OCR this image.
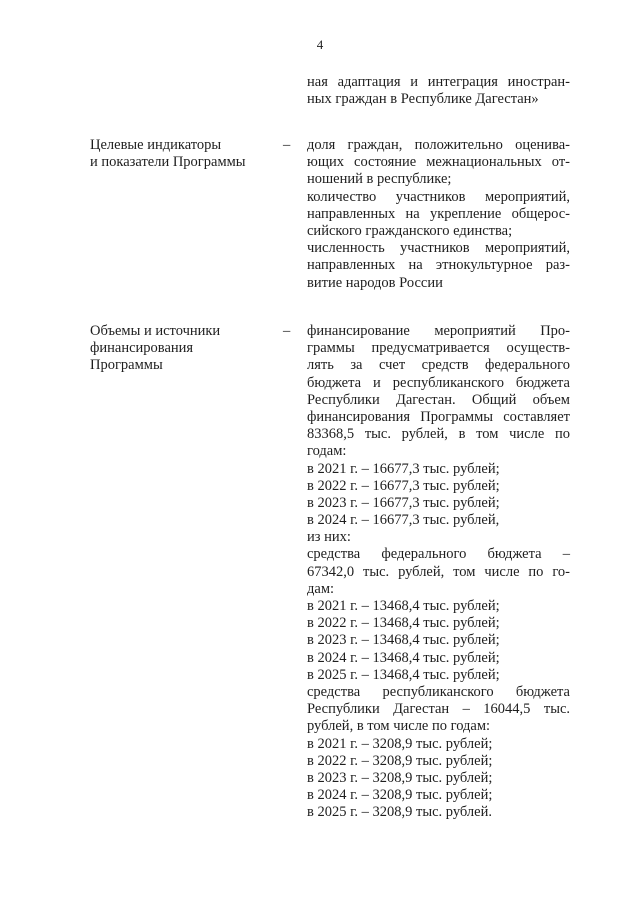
4
ная адаптация и интеграция иностран-
ных граждан в Республике Дагестан»
Целевые индикаторы
и показатели Программы
–	доля граждан, положительно оценива-
ющих состояние межнациональных от-
ношений в республике;
количество участников мероприятий,
направленных на укрепление общерос-
сийского гражданского единства;
численность участников мероприятий,
направленных на этнокультурное раз-
витие народов России
Объемы и источники
финансирования
Программы
–	финансирование мероприятий Про-
граммы предусматривается осуществ-
лять за счет средств федерального
бюджета и республиканского бюджета
Республики Дагестан. Общий объем
финансирования Программы составляет
83368,5 тыс. рублей, в том числе по
годам:
в 2021 г. – 16677,3 тыс. рублей;
в 2022 г. – 16677,3 тыс. рублей;
в 2023 г. – 16677,3 тыс. рублей;
в 2024 г. – 16677,3 тыс. рублей,
из них:
средства федерального бюджета –
67342,0 тыс. рублей, том числе по го-
дам:
в 2021 г. – 13468,4 тыс. рублей;
в 2022 г. – 13468,4 тыс. рублей;
в 2023 г. – 13468,4 тыс. рублей;
в 2024 г. – 13468,4 тыс. рублей;
в 2025 г. – 13468,4 тыс. рублей;
средства республиканского бюджета
Республики Дагестан – 16044,5 тыс.
рублей, в том числе по годам:
в 2021 г. – 3208,9 тыс. рублей;
в 2022 г. – 3208,9 тыс. рублей;
в 2023 г. – 3208,9 тыс. рублей;
в 2024 г. – 3208,9 тыс. рублей;
в 2025 г. – 3208,9 тыс. рублей.
